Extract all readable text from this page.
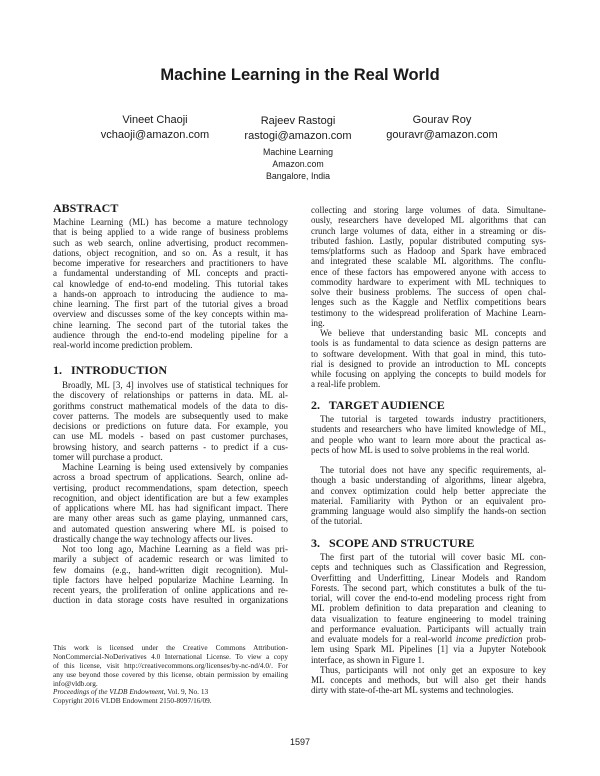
Machine Learning in the Real World
Vineet Chaoji
vchaoji@amazon.com
Rajeev Rastogi
rastogi@amazon.com
Gourav Roy
gouravr@amazon.com
Machine Learning
Amazon.com
Bangalore, India
ABSTRACT
Machine Learning (ML) has become a mature technology
that is being applied to a wide range of business problems
such as web search, online advertising, product recommen-
dations, object recognition, and so on. As a result, it has
become imperative for researchers and practitioners to have
a fundamental understanding of ML concepts and practi-
cal knowledge of end-to-end modeling. This tutorial takes
a hands-on approach to introducing the audience to ma-
chine learning. The first part of the tutorial gives a broad
overview and discusses some of the key concepts within ma-
chine learning. The second part of the tutorial takes the
audience through the end-to-end modeling pipeline for a
real-world income prediction problem.
1.   INTRODUCTION
Broadly, ML [3, 4] involves use of statistical techniques for
the discovery of relationships or patterns in data. ML al-
gorithms construct mathematical models of the data to dis-
cover patterns. The models are subsequently used to make
decisions or predictions on future data. For example, you
can use ML models - based on past customer purchases,
browsing history, and search patterns - to predict if a cus-
tomer will purchase a product.
Machine Learning is being used extensively by companies
across a broad spectrum of applications. Search, online ad-
vertising, product recommendations, spam detection, speech
recognition, and object identification are but a few examples
of applications where ML has had significant impact. There
are many other areas such as game playing, unmanned cars,
and automated question answering where ML is poised to
drastically change the way technology affects our lives.
Not too long ago, Machine Learning as a field was pri-
marily a subject of academic research or was limited to
few domains (e.g., hand-written digit recognition). Mul-
tiple factors have helped popularize Machine Learning. In
recent years, the proliferation of online applications and re-
duction in data storage costs have resulted in organizations
collecting and storing large volumes of data. Simultane-
ously, researchers have developed ML algorithms that can
crunch large volumes of data, either in a streaming or dis-
tributed fashion. Lastly, popular distributed computing sys-
tems/platforms such as Hadoop and Spark have embraced
and integrated these scalable ML algorithms. The conflu-
ence of these factors has empowered anyone with access to
commodity hardware to experiment with ML techniques to
solve their business problems. The success of open chal-
lenges such as the Kaggle and Netflix competitions bears
testimony to the widespread proliferation of Machine Learn-
ing.
We believe that understanding basic ML concepts and
tools is as fundamental to data science as design patterns are
to software development. With that goal in mind, this tuto-
rial is designed to provide an introduction to ML concepts
while focusing on applying the concepts to build models for
a real-life problem.
2.   TARGET AUDIENCE
The tutorial is targeted towards industry practitioners,
students and researchers who have limited knowledge of ML,
and people who want to learn more about the practical as-
pects of how ML is used to solve problems in the real world.
The tutorial does not have any specific requirements, al-
though a basic understanding of algorithms, linear algebra,
and convex optimization could help better appreciate the
material. Familiarity with Python or an equivalent pro-
gramming language would also simplify the hands-on section
of the tutorial.
3.   SCOPE AND STRUCTURE
The first part of the tutorial will cover basic ML con-
cepts and techniques such as Classification and Regression,
Overfitting and Underfitting, Linear Models and Random
Forests. The second part, which constitutes a bulk of the tu-
torial, will cover the end-to-end modeling process right from
ML problem definition to data preparation and cleaning to
data visualization to feature engineering to model training
and performance evaluation. Participants will actually train
and evaluate models for a real-world income prediction prob-
lem using Spark ML Pipelines [1] via a Jupyter Notebook
interface, as shown in Figure 1.
Thus, participants will not only get an exposure to key
ML concepts and methods, but will also get their hands
dirty with state-of-the-art ML systems and technologies.
This work is licensed under the Creative Commons Attribution-
NonCommercial-NoDerivatives 4.0 International License. To view a copy
of this license, visit http://creativecommons.org/licenses/by-nc-nd/4.0/. For
any use beyond those covered by this license, obtain permission by emailing
info@vldb.org.
Proceedings of the VLDB Endowment, Vol. 9, No. 13
Copyright 2016 VLDB Endowment 2150-8097/16/09.
1597
